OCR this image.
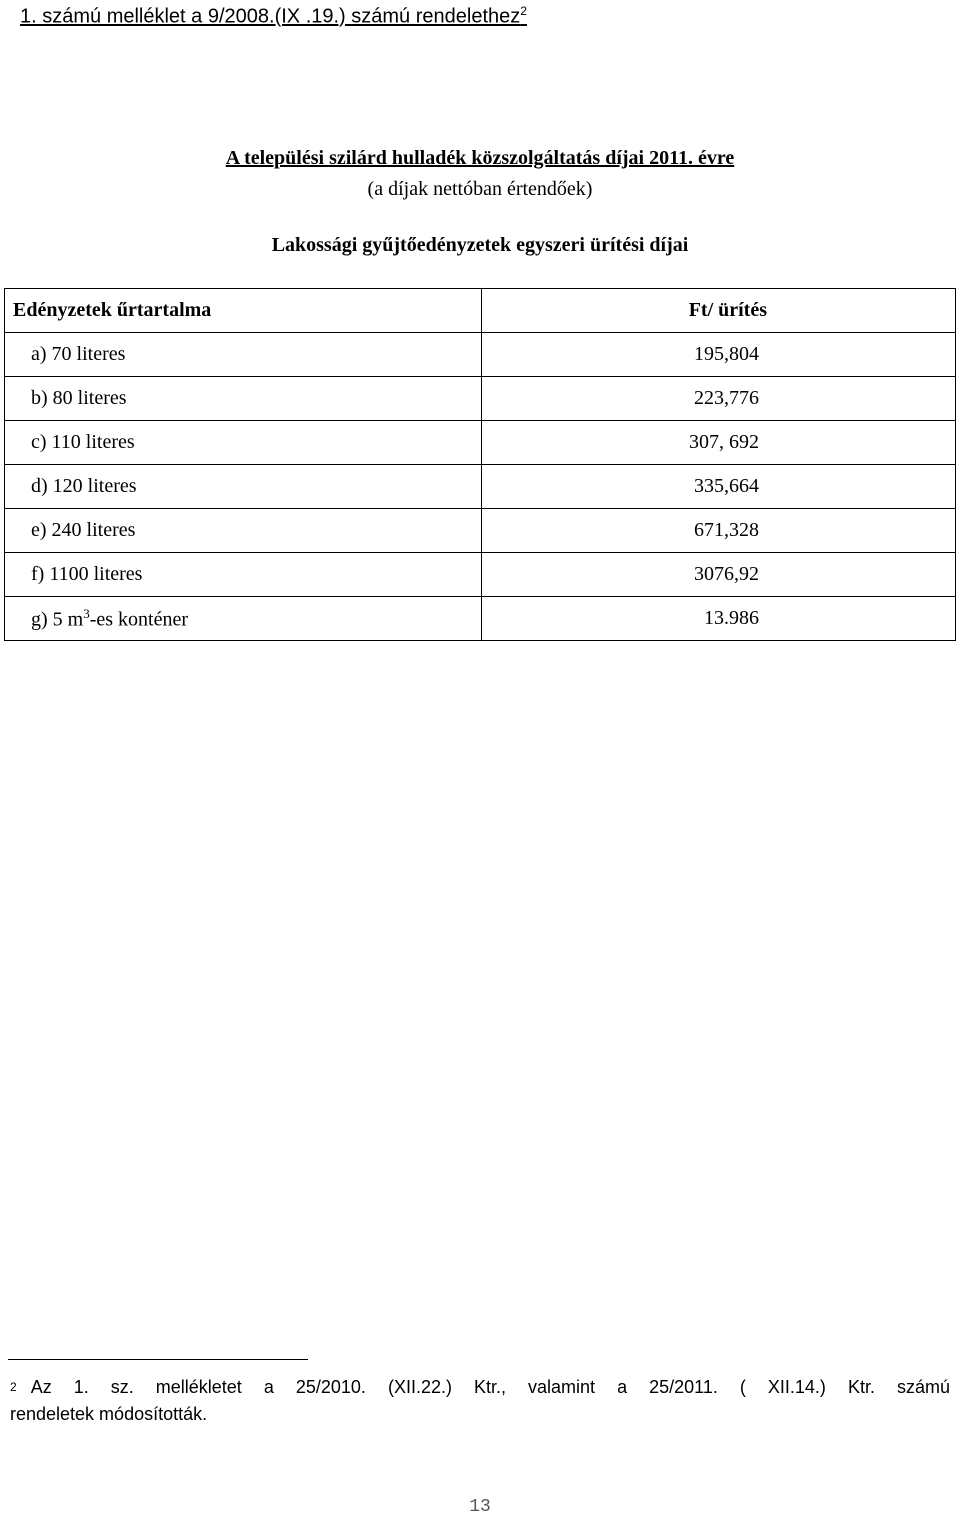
1. számú melléklet a 9/2008.(IX .19.) számú rendelethez$^2$
A települési szilárd hulladék közszolgáltatás díjai 2011. évre
(a díjak nettóban értendőek)
Lakossági gyűjtőedényzetek egyszeri ürítési díjai
Edényzetek űrtartalma	Ft/ ürítés
a) 70 literes	195,804
b) 80 literes	223,776
c) 110 literes	307, 692
d) 120 literes	335,664
e) 240 literes	671,328
f) 1100 literes	3076,92
g) 5 $m^3-es$ konténer	13.986
$^2$ Az 1. sz. mellékletet a 25/2010. (XII.22.) Ktr., valamint a 25/2011. ( XII.14.) Ktr. számú
rendeletek módosították.
13
